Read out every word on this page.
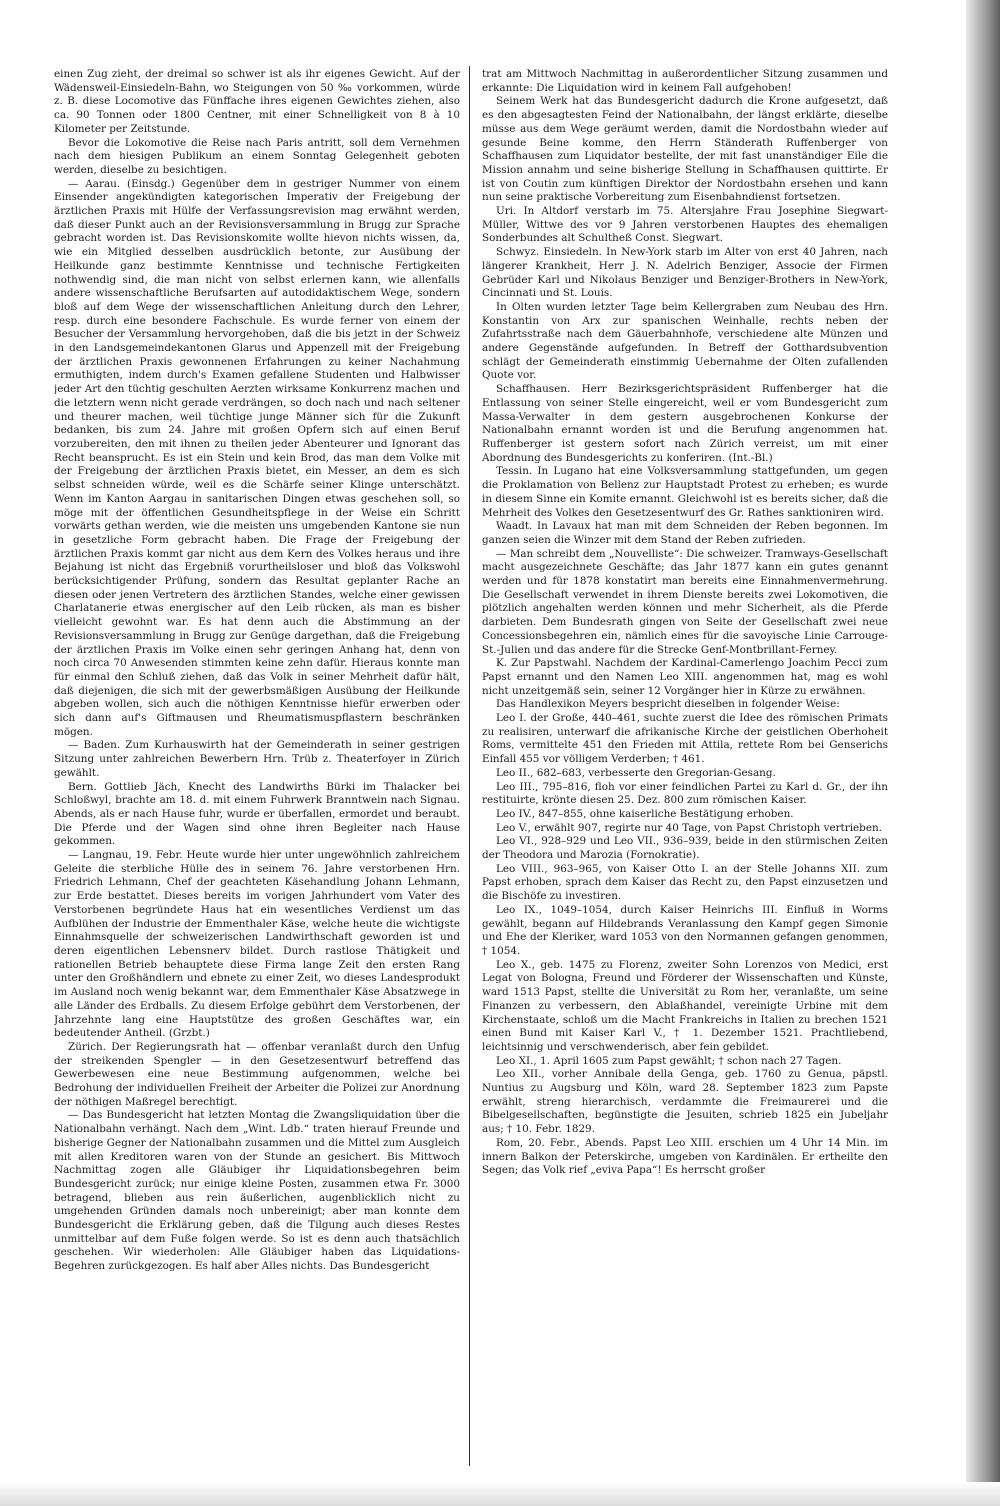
einen Zug zieht, der dreimal so schwer ist als ihr eigenes Gewicht. Auf der Wädensweil-Einsiedeln-Bahn, wo Steigungen von 50 ‰ vorkommen, würde z. B. diese Locomotive das Fünffache ihres eigenen Gewichtes ziehen, also ca. 90 Tonnen oder 1800 Centner, mit einer Schnelligkeit von 8 à 10 Kilometer per Zeitstunde.

Bevor die Lokomotive die Reise nach Paris antritt, soll dem Vernehmen nach dem hiesigen Publikum an einem Sonntag Gelegenheit geboten werden, dieselbe zu besichtigen.

— Aarau. (Einsdg.) Gegenüber dem in gestriger Nummer von einem Einsender angekündigten kategorischen Imperativ der Freigebung der ärztlichen Praxis mit Hülfe der Verfassungsrevision mag erwähnt werden, daß dieser Punkt auch an der Revisionsversammlung in Brugg zur Sprache gebracht worden ist. Das Revisionskomite wollte hievon nichts wissen, da, wie ein Mitglied desselben ausdrücklich betonte, zur Ausübung der Heilkunde ganz bestimmte Kenntnisse und technische Fertigkeiten nothwendig sind, die man nicht von selbst erlernen kann, wie allenfalls andere wissenschaftliche Berufsarten auf autodidaktischem Wege, sondern bloß auf dem Wege der wissenschaftlichen Anleitung durch den Lehrer, resp. durch eine besondere Fachschule. Es wurde ferner von einem der Besucher der Versammlung hervorgehoben, daß die bis jetzt in der Schweiz in den Landsgemeindekantonen Glarus und Appenzell mit der Freigebung der ärztlichen Praxis gewonnenen Erfahrungen zu keiner Nachahmung ermuthigten, indem durch's Examen gefallene Studenten und Halbwisser jeder Art den tüchtig geschulten Aerzten wirksame Konkurrenz machen und die letztern wenn nicht gerade verdrängen, so doch nach und nach seltener und theurer machen, weil tüchtige junge Männer sich für die Zukunft bedanken, bis zum 24. Jahre mit großen Opfern sich auf einen Beruf vorzubereiten, den mit ihnen zu theilen jeder Abenteurer und Ignorant das Recht beansprucht. Es ist ein Stein und kein Brod, das man dem Volke mit der Freigebung der ärztlichen Praxis bietet, ein Messer, an dem es sich selbst schneiden würde, weil es die Schärfe seiner Klinge unterschätzt. Wenn im Kanton Aargau in sanitarischen Dingen etwas geschehen soll, so möge mit der öffentlichen Gesundheitspflege in der Weise ein Schritt vorwärts gethan werden, wie die meisten uns umgebenden Kantone sie nun in gesetzliche Form gebracht haben. Die Frage der Freigebung der ärztlichen Praxis kommt gar nicht aus dem Kern des Volkes heraus und ihre Bejahung ist nicht das Ergebniß vorurtheilsloser und bloß das Volkswohl berücksichtigender Prüfung, sondern das Resultat geplanter Rache an diesen oder jenen Vertretern des ärztlichen Standes, welche einer gewissen Charlatanerie etwas energischer auf den Leib rücken, als man es bisher vielleicht gewohnt war. Es hat denn auch die Abstimmung an der Revisionsversammlung in Brugg zur Genüge dargethan, daß die Freigebung der ärztlichen Praxis im Volke einen sehr geringen Anhang hat, denn von noch circa 70 Anwesenden stimmten keine zehn dafür. Hieraus konnte man für einmal den Schluß ziehen, daß das Volk in seiner Mehrheit dafür hält, daß diejenigen, die sich mit der gewerbsmäßigen Ausübung der Heilkunde abgeben wollen, sich auch die nöthigen Kenntnisse hiefür erwerben oder sich dann auf's Giftmausen und Rheumatismuspflastern beschränken mögen.

— Baden. Zum Kurhauswirth hat der Gemeinderath in seiner gestrigen Sitzung unter zahlreichen Bewerbern Hrn. Trüb z. Theaterfoyer in Zürich gewählt.

Bern. Gottlieb Jäch, Knecht des Landwirths Bürki im Thalacker bei Schloßwyl, brachte am 18. d. mit einem Fuhrwerk Branntwein nach Signau. Abends, als er nach Hause fuhr, wurde er überfallen, ermordet und beraubt. Die Pferde und der Wagen sind ohne ihren Begleiter nach Hause gekommen.

— Langnau, 19. Febr. Heute wurde hier unter ungewöhnlich zahlreichem Geleite die sterbliche Hülle des in seinem 76. Jahre verstorbenen Hrn. Friedrich Lehmann, Chef der geachteten Käsehandlung Johann Lehmann, zur Erde bestattet. Dieses bereits im vorigen Jahrhundert vom Vater des Verstorbenen begründete Haus hat ein wesentliches Verdienst um das Aufblühen der Industrie der Emmenthaler Käse, welche heute die wichtigste Einnahmsquelle der schweizerischen Landwirthschaft geworden ist und deren eigentlichen Lebensnerv bildet. Durch rastlose Thätigkeit und rationellen Betrieb behauptete diese Firma lange Zeit den ersten Rang unter den Großhändlern und ebnete zu einer Zeit, wo dieses Landesprodukt im Ausland noch wenig bekannt war, dem Emmenthaler Käse Absatzwege in alle Länder des Erdballs. Zu diesem Erfolge gebührt dem Verstorbenen, der Jahrzehnte lang eine Hauptstütze des großen Geschäftes war, ein bedeutender Antheil. (Grzbt.)

Zürich. Der Regierungsrath hat — offenbar veranlaßt durch den Unfug der streikenden Spengler — in den Gesetzesentwurf betreffend das Gewerbewesen eine neue Bestimmung aufgenommen, welche bei Bedrohung der individuellen Freiheit der Arbeiter die Polizei zur Anordnung der nöthigen Maßregel berechtigt.

— Das Bundesgericht hat letzten Montag die Zwangsliquidation über die Nationalbahn verhängt. Nach dem „Wint. Ldb.“ traten hierauf Freunde und bisherige Gegner der Nationalbahn zusammen und die Mittel zum Ausgleich mit allen Kreditoren waren von der Stunde an gesichert. Bis Mittwoch Nachmittag zogen alle Gläubiger ihr Liquidationsbegehren beim Bundesgericht zurück; nur einige kleine Posten, zusammen etwa Fr. 3000 betragend, blieben aus rein äußerlichen, augenblicklich nicht zu umgehenden Gründen damals noch unbereinigt; aber man konnte dem Bundesgericht die Erklärung geben, daß die Tilgung auch dieses Restes unmittelbar auf dem Fuße folgen werde. So ist es denn auch thatsächlich geschehen. Wir wiederholen: Alle Gläubiger haben das Liquidations-Begehren zurückgezogen. Es half aber Alles nichts. Das Bundesgericht

trat am Mittwoch Nachmittag in außerordentlicher Sitzung zusammen und erkannte: Die Liquidation wird in keinem Fall aufgehoben!

Seinem Werk hat das Bundesgericht dadurch die Krone aufgesetzt, daß es den abgesagtesten Feind der Nationalbahn, der längst erklärte, dieselbe müsse aus dem Wege geräumt werden, damit die Nordostbahn wieder auf gesunde Beine komme, den Herrn Ständerath Ruffenberger von Schaffhausen zum Liquidator bestellte, der mit fast unanständiger Eile die Mission annahm und seine bisherige Stellung in Schaffhausen quittirte. Er ist von Coutin zum künftigen Direktor der Nordostbahn ersehen und kann nun seine praktische Vorbereitung zum Eisenbahndienst fortsetzen.

Uri. In Altdorf verstarb im 75. Altersjahre Frau Josephine Siegwart-Müller, Wittwe des vor 9 Jahren verstorbenen Hauptes des ehemaligen Sonderbundes alt Schultheß Const. Siegwart.

Schwyz. Einsiedeln. In New-York starb im Alter von erst 40 Jahren, nach längerer Krankheit, Herr J. N. Adelrich Benziger, Associe der Firmen Gebrüder Karl und Nikolaus Benziger und Benziger-Brothers in New-York, Cincinnati und St. Louis.

In Olten wurden letzter Tage beim Kellergraben zum Neubau des Hrn. Konstantin von Arx zur spanischen Weinhalle, rechts neben der Zufahrtsstraße nach dem Gäuerbahnhofe, verschiedene alte Münzen und andere Gegenstände aufgefunden. In Betreff der Gotthardsubvention schlägt der Gemeinderath einstimmig Uebernahme der Olten zufallenden Quote vor.

Schaffhausen. Herr Bezirksgerichtspräsident Ruffenberger hat die Entlassung von seiner Stelle eingereicht, weil er vom Bundesgericht zum Massa-Verwalter in dem gestern ausgebrochenen Konkurse der Nationalbahn ernannt worden ist und die Berufung angenommen hat. Ruffenberger ist gestern sofort nach Zürich verreist, um mit einer Abordnung des Bundesgerichts zu konferiren. (Int.-Bl.)

Tessin. In Lugano hat eine Volksversammlung stattgefunden, um gegen die Proklamation von Bellenz zur Hauptstadt Protest zu erheben; es wurde in diesem Sinne ein Komite ernannt. Gleichwohl ist es bereits sicher, daß die Mehrheit des Volkes den Gesetzesentwurf des Gr. Rathes sanktioniren wird.

Waadt. In Lavaux hat man mit dem Schneiden der Reben begonnen. Im ganzen seien die Winzer mit dem Stand der Reben zufrieden.

— Man schreibt dem „Nouvelliste“: Die schweizer. Tramways-Gesellschaft macht ausgezeichnete Geschäfte; das Jahr 1877 kann ein gutes genannt werden und für 1878 konstatirt man bereits eine Einnahmenvermehrung. Die Gesellschaft verwendet in ihrem Dienste bereits zwei Lokomotiven, die plötzlich angehalten werden können und mehr Sicherheit, als die Pferde darbieten. Dem Bundesrath gingen von Seite der Gesellschaft zwei neue Concessionsbegehren ein, nämlich eines für die savoyische Linie Carrouge-St.-Julien und das andere für die Strecke Genf-Montbrillant-Ferney.

K. Zur Papstwahl. Nachdem der Kardinal-Camerlengo Joachim Pecci zum Papst ernannt und den Namen Leo XIII. angenommen hat, mag es wohl nicht unzeitgemäß sein, seiner 12 Vorgänger hier in Kürze zu erwähnen.

Das Handlexikon Meyers bespricht dieselben in folgender Weise:

Leo I. der Große, 440–461, suchte zuerst die Idee des römischen Primats zu realisiren, unterwarf die afrikanische Kirche der geistlichen Oberhoheit Roms, vermittelte 451 den Frieden mit Attila, rettete Rom bei Genserichs Einfall 455 vor völligem Verderben; † 461.

Leo II., 682–683, verbesserte den Gregorian-Gesang.

Leo III., 795–816, floh vor einer feindlichen Partei zu Karl d. Gr., der ihn restituirte, krönte diesen 25. Dez. 800 zum römischen Kaiser.

Leo IV., 847–855, ohne kaiserliche Bestätigung erhoben.

Leo V., erwählt 907, regirte nur 40 Tage, von Papst Christoph vertrieben.

Leo VI., 928–929 und Leo VII., 936–939, beide in den stürmischen Zeiten der Theodora und Marozia (Fornokratie).

Leo VIII., 963–965, von Kaiser Otto I. an der Stelle Johanns XII. zum Papst erhoben, sprach dem Kaiser das Recht zu, den Papst einzusetzen und die Bischöfe zu investiren.

Leo IX., 1049–1054, durch Kaiser Heinrichs III. Einfluß in Worms gewählt, begann auf Hildebrands Veranlassung den Kampf gegen Simonie und Ehe der Kleriker, ward 1053 von den Normannen gefangen genommen, † 1054.

Leo X., geb. 1475 zu Florenz, zweiter Sohn Lorenzos von Medici, erst Legat von Bologna, Freund und Förderer der Wissenschaften und Künste, ward 1513 Papst, stellte die Universität zu Rom her, veranlaßte, um seine Finanzen zu verbessern, den Ablaßhandel, vereinigte Urbine mit dem Kirchenstaate, schloß um die Macht Frankreichs in Italien zu brechen 1521 einen Bund mit Kaiser Karl V., † 1. Dezember 1521. Prachtliebend, leichtsinnig und verschwenderisch, aber fein gebildet.

Leo XI., 1. April 1605 zum Papst gewählt; † schon nach 27 Tagen.

Leo XII., vorher Annibale della Genga, geb. 1760 zu Genua, päpstl. Nuntius zu Augsburg und Köln, ward 28. September 1823 zum Papste erwählt, streng hierarchisch, verdammte die Freimaurerei und die Bibelgesellschaften, begünstigte die Jesuiten, schrieb 1825 ein Jubeljahr aus; † 10. Febr. 1829.

Rom, 20. Febr., Abends. Papst Leo XIII. erschien um 4 Uhr 14 Min. im innern Balkon der Peterskirche, umgeben von Kardinälen. Er ertheilte den Segen; das Volk rief „eviva Papa“! Es herrscht großer
